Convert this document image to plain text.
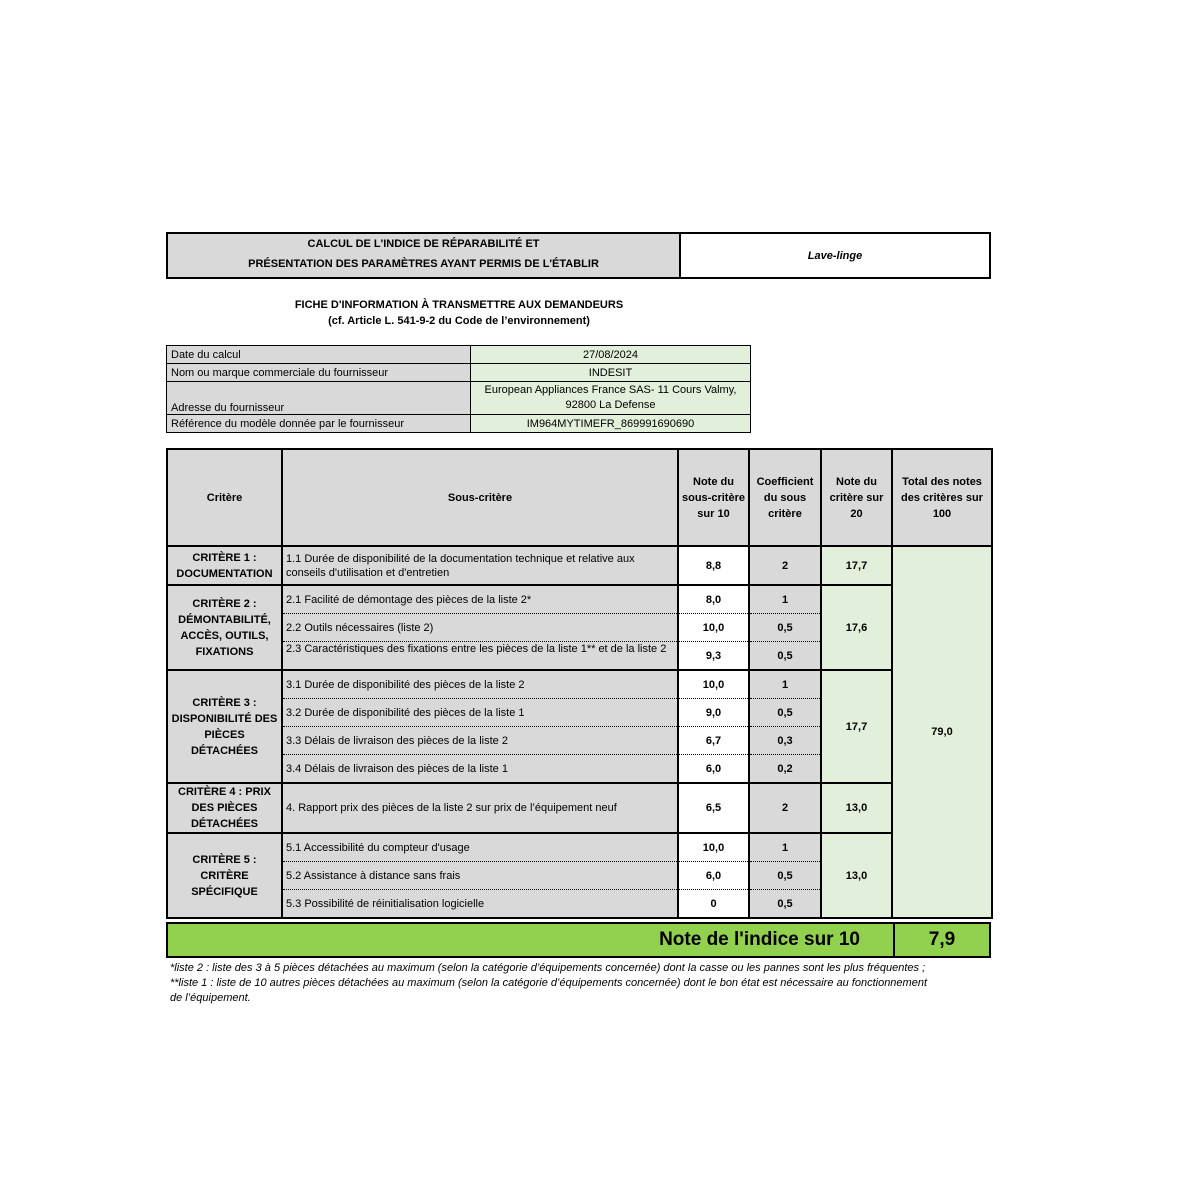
CALCUL DE L'INDICE DE RÉPARABILITÉ ET
PRÉSENTATION DES PARAMÈTRES AYANT PERMIS DE L'ÉTABLIR
Lave-linge
FICHE D'INFORMATION À TRANSMETTRE AUX DEMANDEURS
(cf. Article L. 541-9-2 du Code de l’environnement)
Date du calcul	27/08/2024
Nom ou marque commerciale du fournisseur	INDESIT
Adresse du fournisseur	European Appliances France SAS- 11 Cours Valmy,
92800 La Defense

Référence du modèle donnée par le fournisseur	IM964MYTIMEFR_869991690690
Critère	Sous-critère	Note du sous-critère sur 10	Coefficient du sous critère	Note du critère sur 20	Total des notes des critères sur 100
CRITÈRE 1 : DOCUMENTATION	1.1 Durée de disponibilité de la documentation technique et relative aux conseils d'utilisation et d'entretien	8,8	2	17,7	79,0
CRITÈRE 2 : DÉMONTABILITÉ, ACCÈS, OUTILS, FIXATIONS	2.1 Facilité de démontage des pièces de la liste 2*	8,0	1	17,6	
	2.2 Outils nécessaires (liste 2)	10,0	0,5		

	2.3 Caractéristiques des fixations entre les pièces de la liste 1** et de la liste 2	9,3	0,5		
CRITÈRE 3 : DISPONIBILITÉ DES PIÈCES DÉTACHÉES	3.1 Durée de disponibilité des pièces de la liste 2	10,0	1	17,7	
	3.2 Durée de disponibilité des pièces de la liste 1	9,0	0,5		
	3.3 Délais de livraison des pièces de la liste 2	6,7	0,3		
	3.4 Délais de livraison des pièces de la liste 1	6,0	0,2		
CRITÈRE 4 : PRIX DES PIÈCES DÉTACHÉES	4. Rapport prix des pièces de la liste 2 sur prix de l’équipement neuf	6,5	2	13,0	
CRITÈRE 5 : CRITÈRE SPÉCIFIQUE	5.1 Accessibilité du compteur d'usage	10,0	1	13,0	
	5.2 Assistance à distance sans frais	6,0	0,5		
	5.3 Possibilité de réinitialisation logicielle	0	0,5		
Note de l'indice sur 10	7,9
*liste 2 : liste des 3 à 5 pièces détachées au maximum (selon la catégorie d’équipements concernée) dont la casse ou les pannes sont les plus fréquentes ;
**liste 1 : liste de 10 autres pièces détachées au maximum (selon la catégorie d’équipements concernée) dont le bon état est nécessaire au fonctionnement
de l’équipement.
